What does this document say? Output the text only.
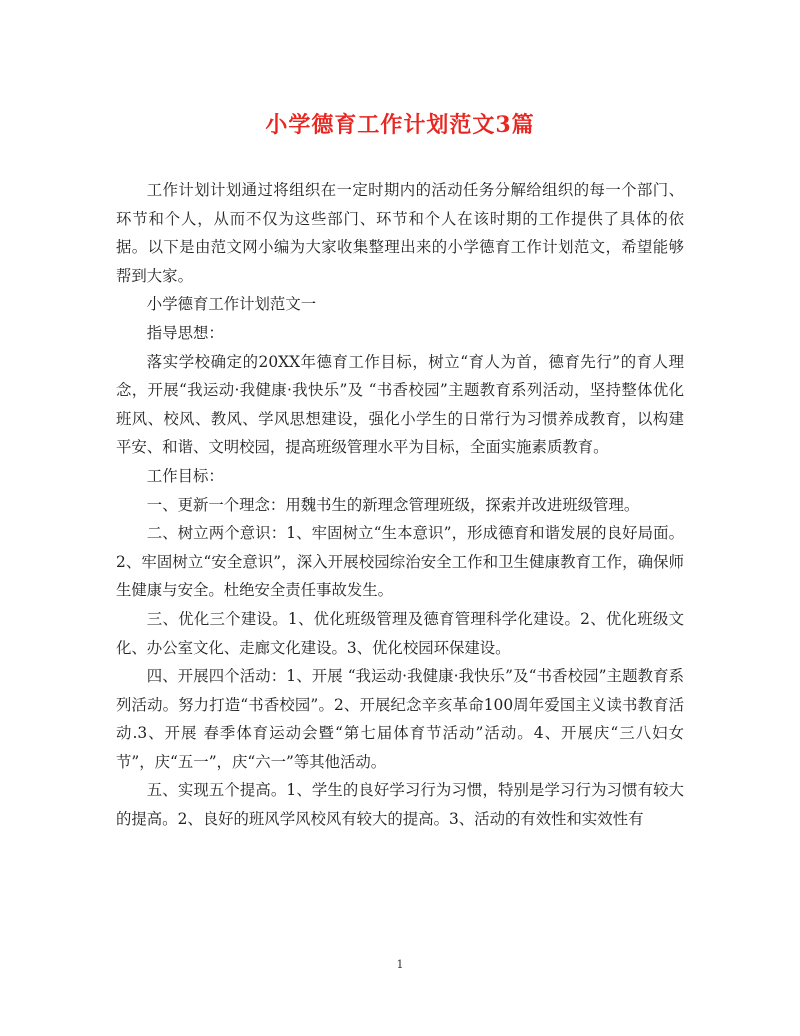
小学德育工作计划范文3篇

工作计划计划通过将组织在一定时期内的活动任务分解给组织的每一个部门、环节和个人，从而不仅为这些部门、环节和个人在该时期的工作提供了具体的依据。以下是由范文网小编为大家收集整理出来的小学德育工作计划范文，希望能够帮到大家。

小学德育工作计划范文一

指导思想：

落实学校确定的20XX年德育工作目标，树立“育人为首，德育先行”的育人理念，开展“我运动·我健康·我快乐”及 “书香校园”主题教育系列活动，坚持整体优化班风、校风、教风、学风思想建设，强化小学生的日常行为习惯养成教育，以构建平安、和谐、文明校园，提高班级管理水平为目标，全面实施素质教育。

工作目标：

一、更新一个理念：用魏书生的新理念管理班级，探索并改进班级管理。

二、树立两个意识：1、牢固树立“生本意识”，形成德育和谐发展的良好局面。2、牢固树立“安全意识”，深入开展校园综治安全工作和卫生健康教育工作，确保师生健康与安全。杜绝安全责任事故发生。

三、优化三个建设。1、优化班级管理及德育管理科学化建设。2、优化班级文化、办公室文化、走廊文化建设。3、优化校园环保建设。

四、开展四个活动：1、开展 “我运动·我健康·我快乐”及“书香校园”主题教育系列活动。努力打造“书香校园”。2、开展纪念辛亥革命100周年爱国主义读书教育活动.3、开展 春季体育运动会暨“第七届体育节活动”活动。4、开展庆“三八妇女节”，庆“五一”，庆“六一”等其他活动。

五、实现五个提高。1、学生的良好学习行为习惯，特别是学习行为习惯有较大的提高。2、良好的班风学风校风有较大的提高。3、活动的有效性和实效性有

1
